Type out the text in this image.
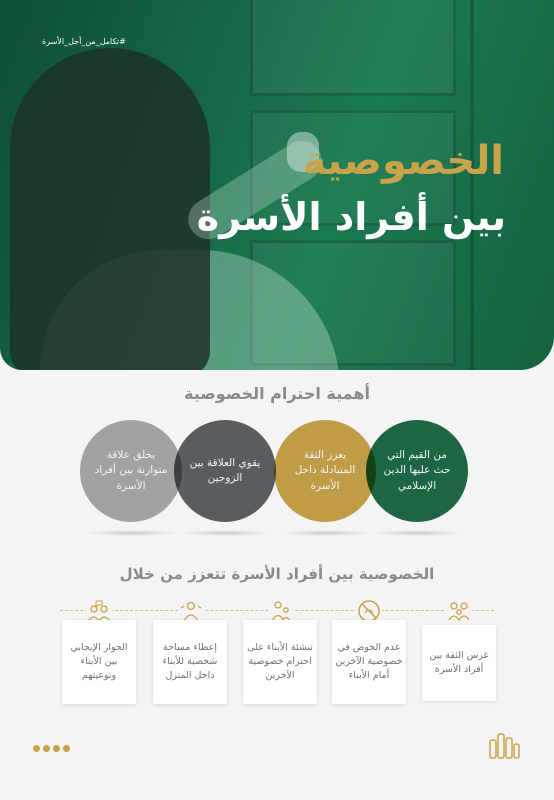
#تكامل_من_أجل_الأسرة
الخصوصية
بين أفراد الأسرة
أهمية احترام الخصوصية
من القيم التي حث عليها الدين الإسلامي
يعزز الثقة المتبادلة داخل الأسرة
يقوي العلاقة بين الزوجين
يخلق علاقة متوازنة بين أفراد الأسرة
الخصوصية بين أفراد الأسرة تتعزز من خلال
غرس الثقة بين أفراد الأسرة
عدم الخوض في خصوصية الآخرين أمام الأبناء
تنشئة الأبناء على احترام خصوصية الآخرين
إعطاء مساحة شخصية للأبناء داخل المنزل
الحوار الإيجابي بين الأبناء وتوعيتهم
